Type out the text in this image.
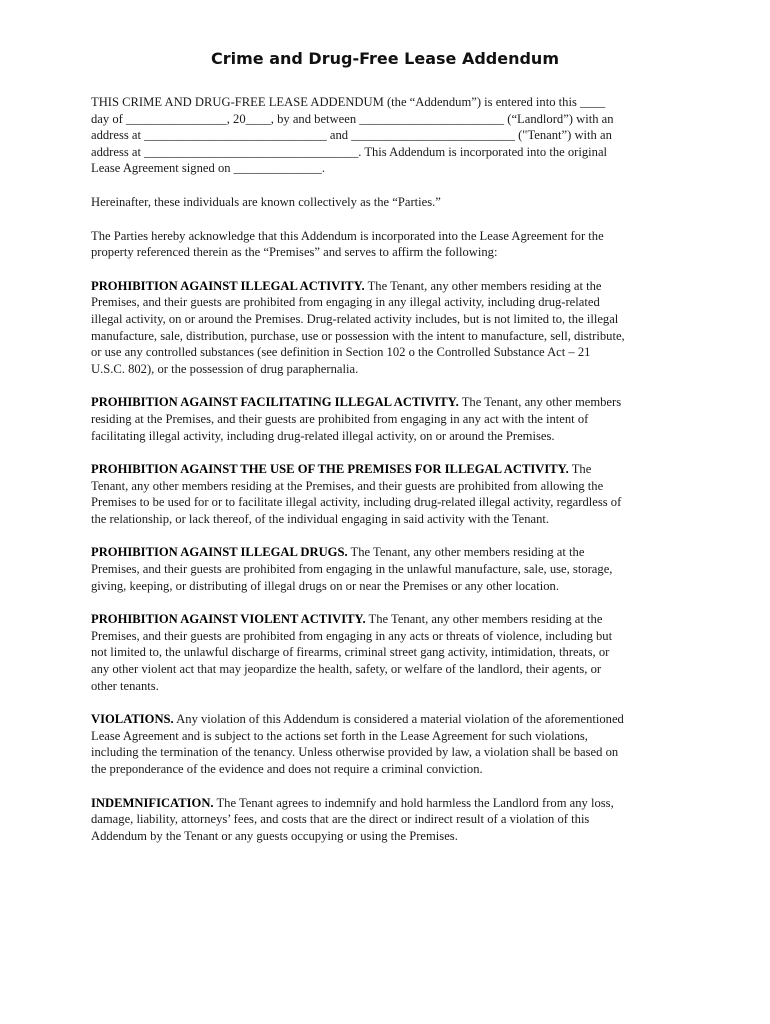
Crime and Drug-Free Lease Addendum

THIS CRIME AND DRUG-FREE LEASE ADDENDUM (the “Addendum”) is entered into this ____
day of ________________, 20____, by and between _______________________ (“Landlord”) with an
address at _____________________________ and __________________________ ("Tenant”) with an
address at __________________________________. This Addendum is incorporated into the original
Lease Agreement signed on ______________.

Hereinafter, these individuals are known collectively as the “Parties.”

The Parties hereby acknowledge that this Addendum is incorporated into the Lease Agreement for the
property referenced therein as the “Premises” and serves to affirm the following:

PROHIBITION AGAINST ILLEGAL ACTIVITY. The Tenant, any other members residing at the
Premises, and their guests are prohibited from engaging in any illegal activity, including drug-related
illegal activity, on or around the Premises. Drug-related activity includes, but is not limited to, the illegal
manufacture, sale, distribution, purchase, use or possession with the intent to manufacture, sell, distribute,
or use any controlled substances (see definition in Section 102 o the Controlled Substance Act – 21
U.S.C. 802), or the possession of drug paraphernalia.

PROHIBITION AGAINST FACILITATING ILLEGAL ACTIVITY. The Tenant, any other members
residing at the Premises, and their guests are prohibited from engaging in any act with the intent of
facilitating illegal activity, including drug-related illegal activity, on or around the Premises.

PROHIBITION AGAINST THE USE OF THE PREMISES FOR ILLEGAL ACTIVITY. The
Tenant, any other members residing at the Premises, and their guests are prohibited from allowing the
Premises to be used for or to facilitate illegal activity, including drug-related illegal activity, regardless of
the relationship, or lack thereof, of the individual engaging in said activity with the Tenant.

PROHIBITION AGAINST ILLEGAL DRUGS. The Tenant, any other members residing at the
Premises, and their guests are prohibited from engaging in the unlawful manufacture, sale, use, storage,
giving, keeping, or distributing of illegal drugs on or near the Premises or any other location.

PROHIBITION AGAINST VIOLENT ACTIVITY. The Tenant, any other members residing at the
Premises, and their guests are prohibited from engaging in any acts or threats of violence, including but
not limited to, the unlawful discharge of firearms, criminal street gang activity, intimidation, threats, or
any other violent act that may jeopardize the health, safety, or welfare of the landlord, their agents, or
other tenants.

VIOLATIONS. Any violation of this Addendum is considered a material violation of the aforementioned
Lease Agreement and is subject to the actions set forth in the Lease Agreement for such violations,
including the termination of the tenancy. Unless otherwise provided by law, a violation shall be based on
the preponderance of the evidence and does not require a criminal conviction.

INDEMNIFICATION. The Tenant agrees to indemnify and hold harmless the Landlord from any loss,
damage, liability, attorneys’ fees, and costs that are the direct or indirect result of a violation of this
Addendum by the Tenant or any guests occupying or using the Premises.
